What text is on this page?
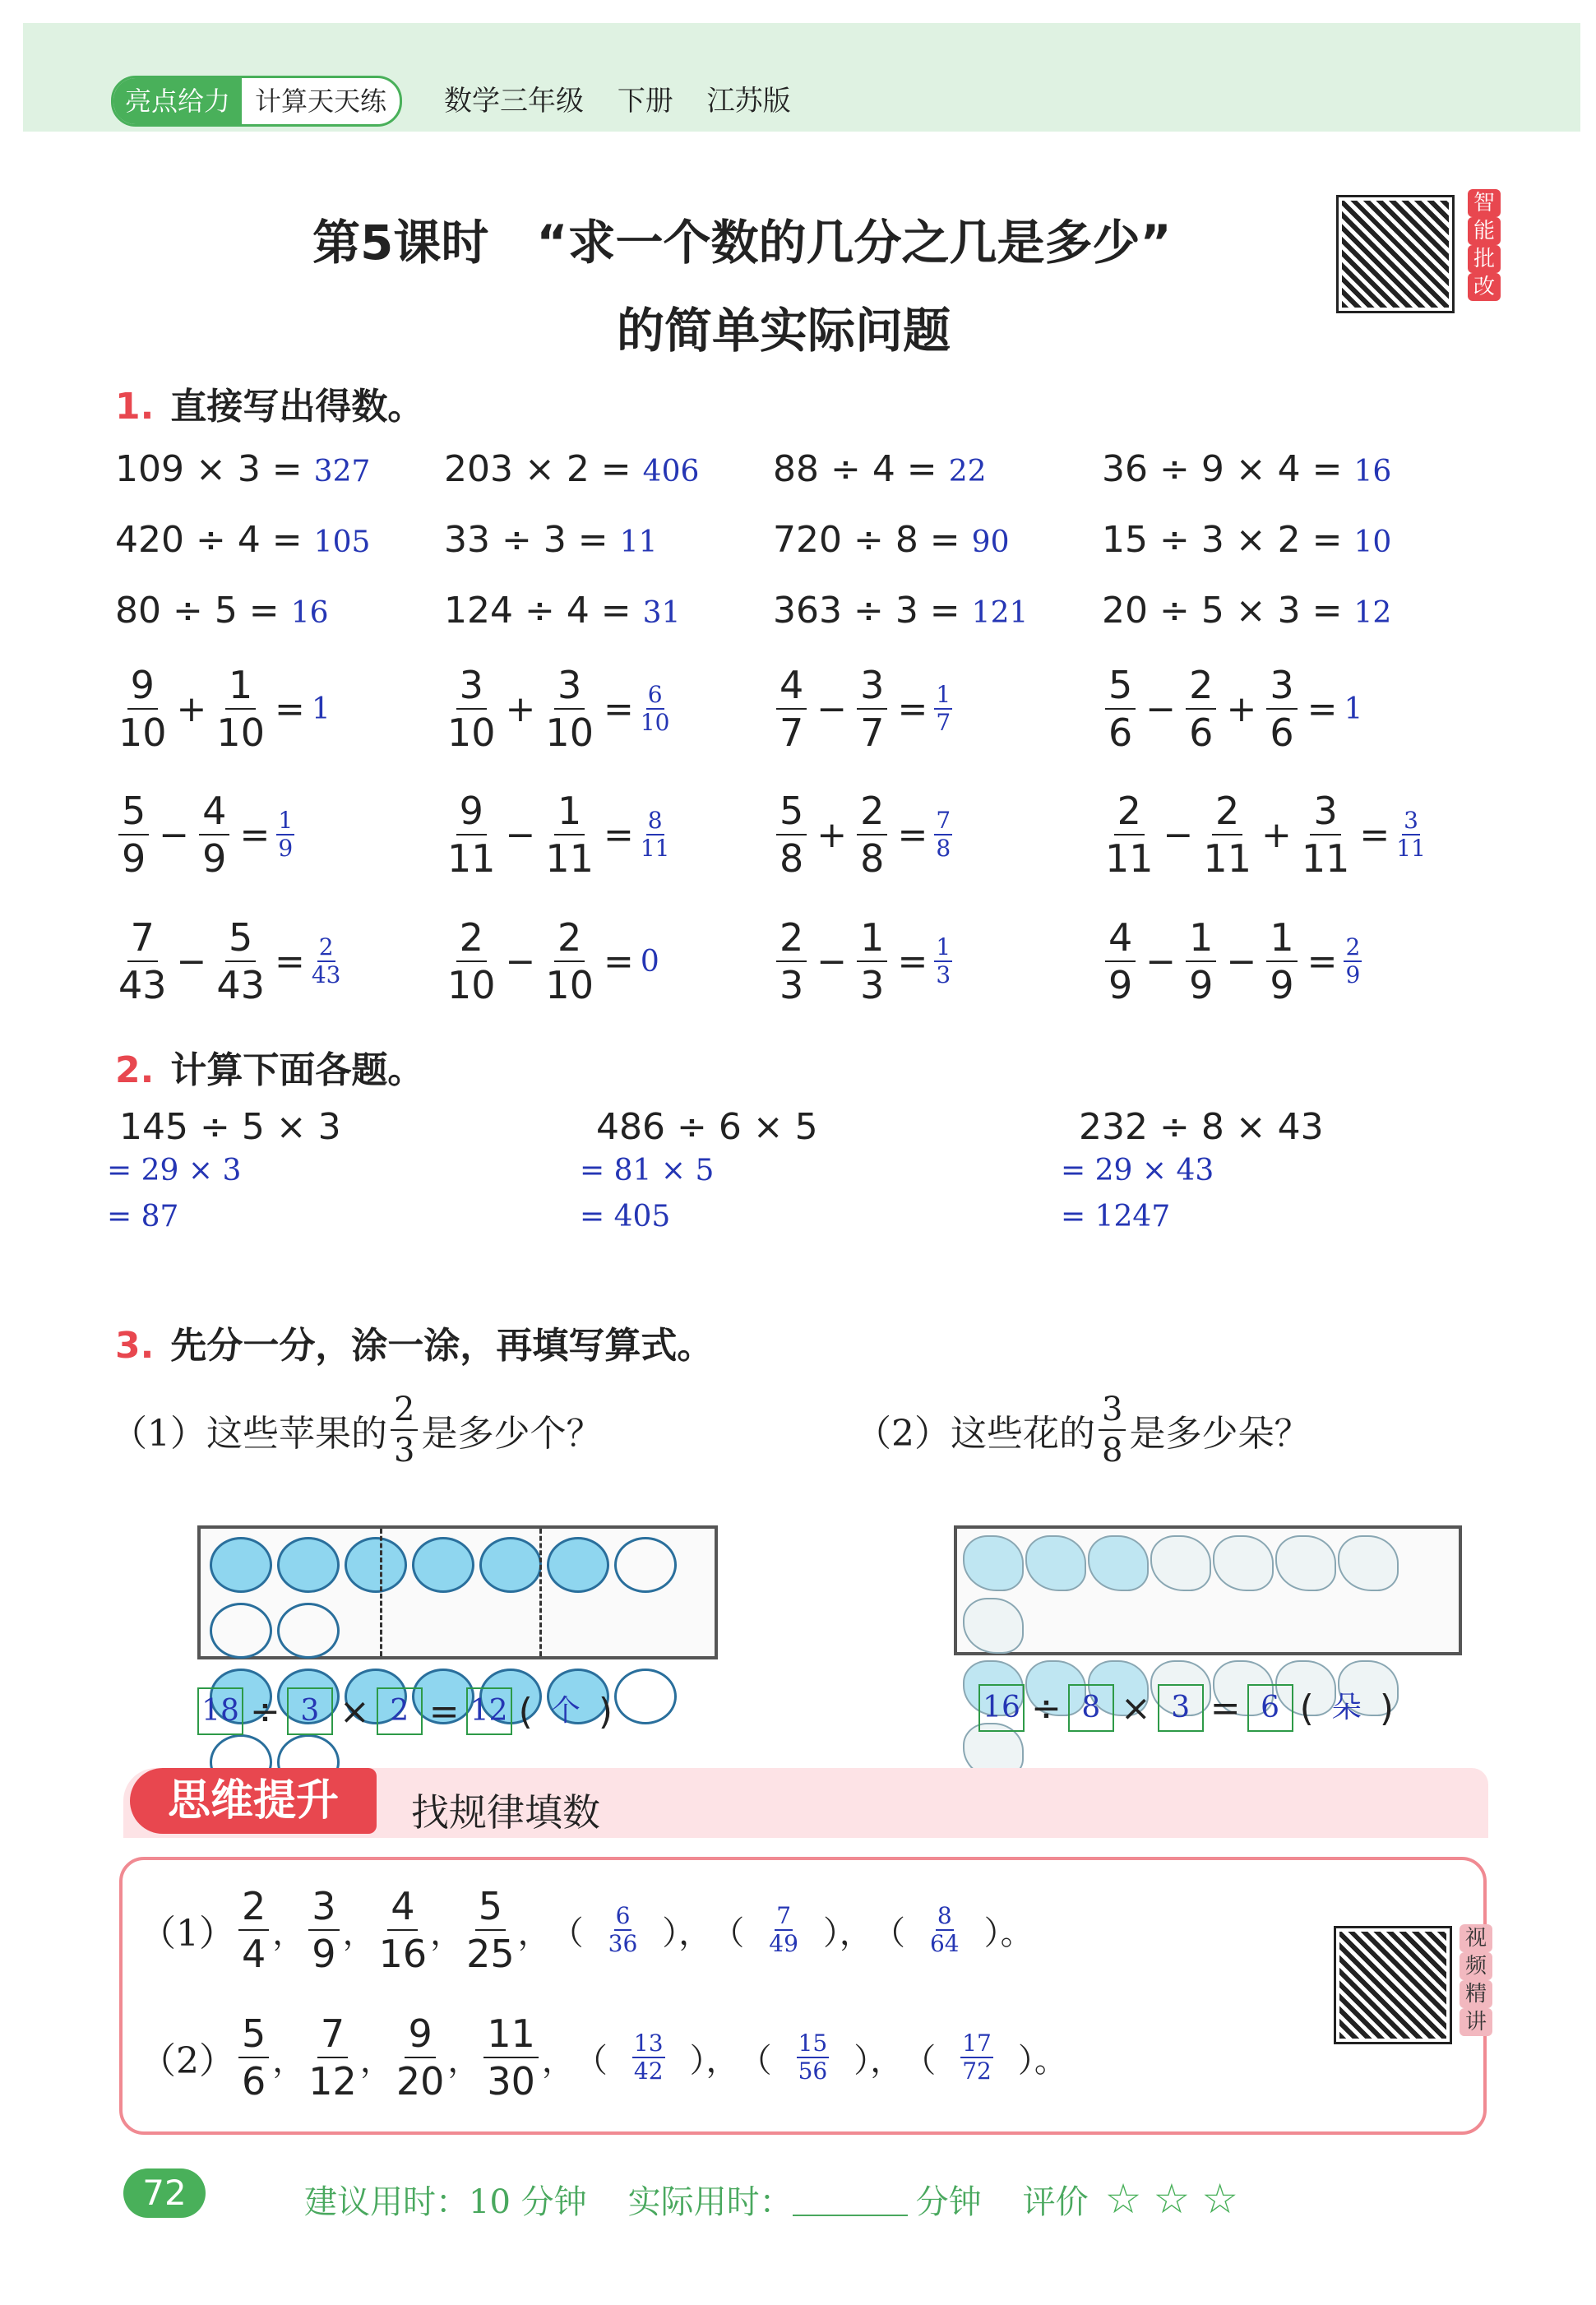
亮点给力 计算天天练	数学三年级 下册 江苏版
第5课时　“求一个数的几分之几是多少”
的简单实际问题
智
能
批
改
1. 直接写出得数。
109 × 3 = 327 203 × 2 = 406 88 ÷ 4 = 22	36 ÷ 9 × 4 = 16
420 ÷ 4 = 105 33 ÷ 3 = 11	720 ÷ 8 = 90	15 ÷ 3 × 2 = 10
80 ÷ 5 = 16	124 ÷ 4 = 31	363 ÷ 3 = 121 20 ÷ 5 × 3 = 12
$\frac{9}{10} + \frac{1}{10} = 1$	$\frac{3}{10} + \frac{3}{10} = \frac{6}{10}$	$\frac{4}{7} - \frac{3}{7} = \frac{1}{7}$	$\frac{5}{6} - \frac{2}{6} + \frac{3}{6} = 1$
$\frac{5}{9} - \frac{4}{9} = \frac{1}{9}$	$\frac{9}{11} - \frac{1}{11} = \frac{8}{11}$	$\frac{5}{8} + \frac{2}{8} = \frac{7}{8}$	$\frac{2}{11} - \frac{2}{11} + \frac{3}{11} = \frac{3}{11}$
$\frac{7}{43} - \frac{5}{43} = \frac{2}{43}$	$\frac{2}{10} - \frac{2}{10} = 0$	$\frac{2}{3} - \frac{1}{3} = \frac{1}{3}$	$\frac{4}{9} - \frac{1}{9} - \frac{1}{9} = \frac{2}{9}$
2. 计算下面各题。
145 ÷ 5 × 3
= 29 × 3
= 87
486 ÷ 6 × 5
= 81 × 5
= 405
232 ÷ 8 × 43
= 29 × 43
= 1247
3. 先分一分，涂一涂，再填写算式。
（1）这些苹果的 $\frac{2}{3}$ 是多少个？	（2）这些花的 $\frac{3}{8}$ 是多少朵？
18 ÷ 3 × 2 = 12 ( 个 )	16 ÷ 8 × 3 = 6 ( 朵 )
思维提升	找规律填数
$(1) \frac{2}{4}$ ， $\frac{3}{9}$ ， $\frac{4}{16}$ ， $\frac{5}{25}$ ， （ $\frac{6}{36}$ ）， （ $\frac{7}{49}$ ）， （ $\frac{8}{64}$ ）。
$(2) \frac{5}{6}$ ， $\frac{7}{12}$ ， $\frac{9}{20}$ ， $\frac{11}{30}$ ， （ $\frac{13}{42}$ ）， （ $\frac{15}{56}$ ）， （ $\frac{17}{72}$ ）。
视
频
精
讲
72	建议用时：10 分钟 实际用时：	分钟 评价 ☆ ☆ ☆
